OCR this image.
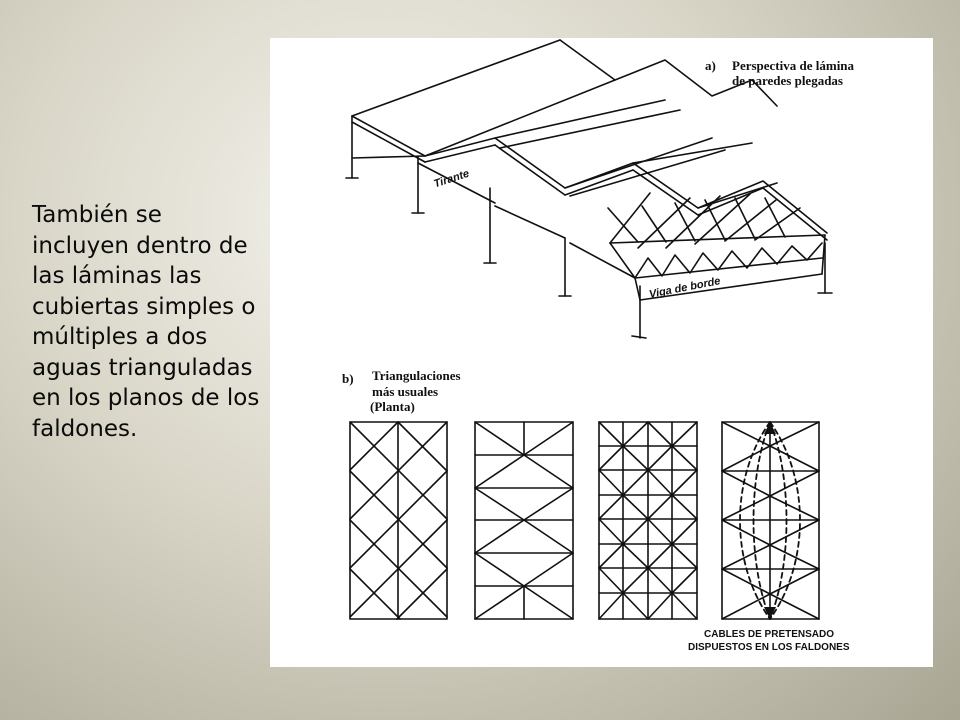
También se incluyen dentro de las láminas las cubiertas simples o múltiples a dos aguas trianguladas en los planos de los faldones.

a) Perspectiva de lámina

de paredes plegadas

Tirante

Viga de borde

b) Triangulaciones

más usuales

(Planta)

CABLES DE PRETENSADO

DISPUESTOS EN LOS FALDONES
